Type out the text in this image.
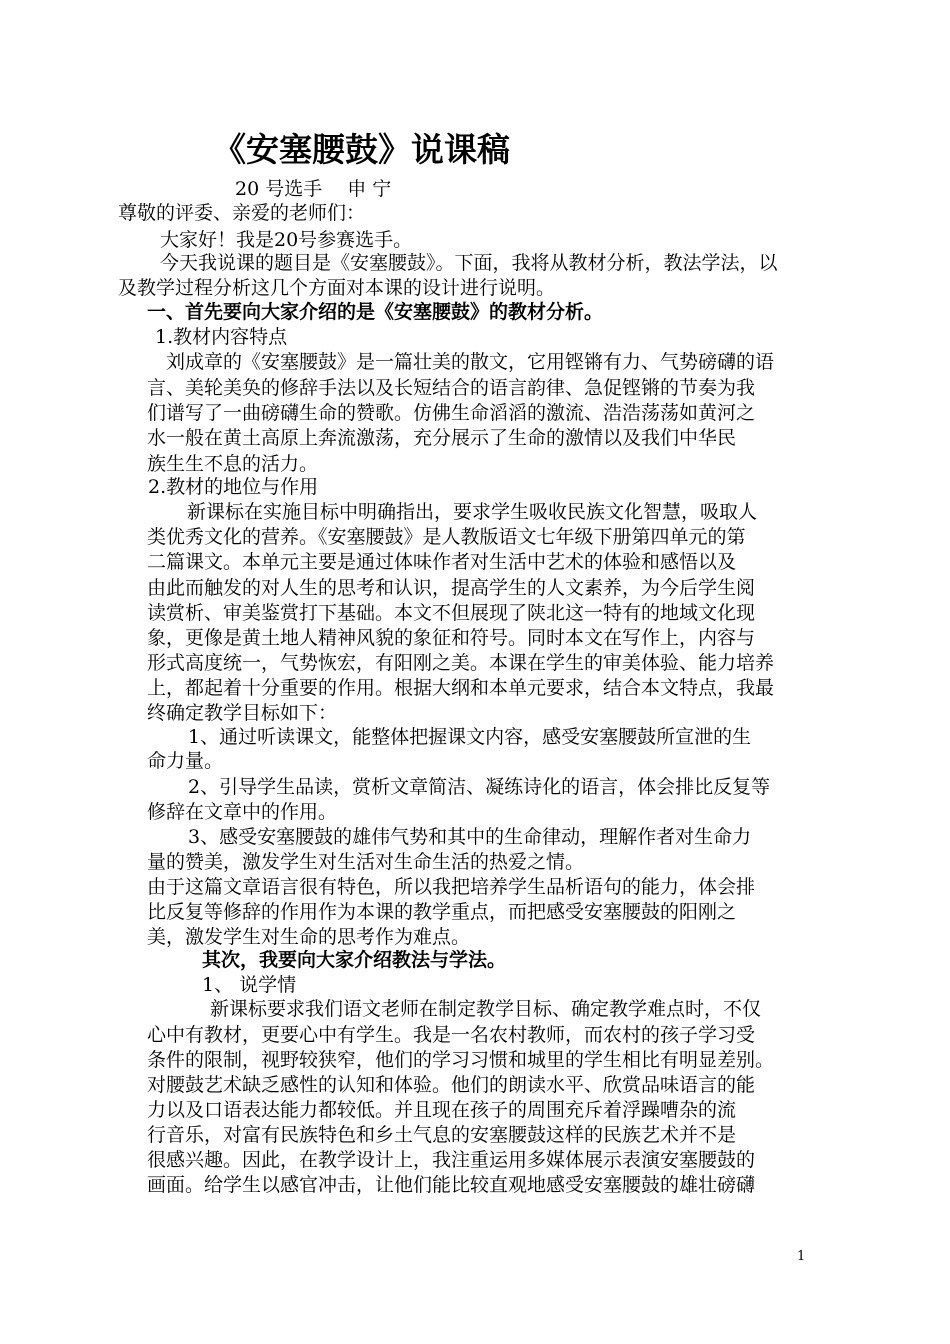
《安塞腰鼓》说课稿
20 号选手　 申 宁
尊敬的评委、亲爱的老师们：
大家好！我是20号参赛选手。
今天我说课的题目是《安塞腰鼓》。下面，我将从教材分析，教法学法，以
及教学过程分析这几个方面对本课的设计进行说明。
一、首先要向大家介绍的是《安塞腰鼓》的教材分析。
1.教材内容特点
刘成章的《安塞腰鼓》是一篇壮美的散文，它用铿锵有力、气势磅礴的语
言、美轮美奂的修辞手法以及长短结合的语言韵律、急促铿锵的节奏为我
们谱写了一曲磅礴生命的赞歌。仿佛生命滔滔的激流、浩浩荡荡如黄河之
水一般在黄土高原上奔流激荡，充分展示了生命的激情以及我们中华民
族生生不息的活力。
2.教材的地位与作用
新课标在实施目标中明确指出，要求学生吸收民族文化智慧，吸取人
类优秀文化的营养。《安塞腰鼓》是人教版语文七年级下册第四单元的第
二篇课文。本单元主要是通过体味作者对生活中艺术的体验和感悟以及
由此而触发的对人生的思考和认识，提高学生的人文素养，为今后学生阅
读赏析、审美鉴赏打下基础。本文不但展现了陕北这一特有的地域文化现
象，更像是黄土地人精神风貌的象征和符号。同时本文在写作上，内容与
形式高度统一，气势恢宏，有阳刚之美。本课在学生的审美体验、能力培养
上，都起着十分重要的作用。根据大纲和本单元要求，结合本文特点，我最
终确定教学目标如下：
1、通过听读课文，能整体把握课文内容，感受安塞腰鼓所宣泄的生
命力量。
2、引导学生品读，赏析文章简洁、凝练诗化的语言，体会排比反复等
修辞在文章中的作用。
3、感受安塞腰鼓的雄伟气势和其中的生命律动，理解作者对生命力
量的赞美，激发学生对生活对生命生活的热爱之情。
由于这篇文章语言很有特色，所以我把培养学生品析语句的能力，体会排
比反复等修辞的作用作为本课的教学重点，而把感受安塞腰鼓的阳刚之
美，激发学生对生命的思考作为难点。
其次，我要向大家介绍教法与学法。
1、 说学情
新课标要求我们语文老师在制定教学目标、确定教学难点时，不仅
心中有教材，更要心中有学生。我是一名农村教师，而农村的孩子学习受
条件的限制，视野较狭窄，他们的学习习惯和城里的学生相比有明显差别。
对腰鼓艺术缺乏感性的认知和体验。他们的朗读水平、欣赏品味语言的能
力以及口语表达能力都较低。并且现在孩子的周围充斥着浮躁嘈杂的流
行音乐，对富有民族特色和乡土气息的安塞腰鼓这样的民族艺术并不是
很感兴趣。因此，在教学设计上，我注重运用多媒体展示表演安塞腰鼓的
画面。给学生以感官冲击，让他们能比较直观地感受安塞腰鼓的雄壮磅礴
1
